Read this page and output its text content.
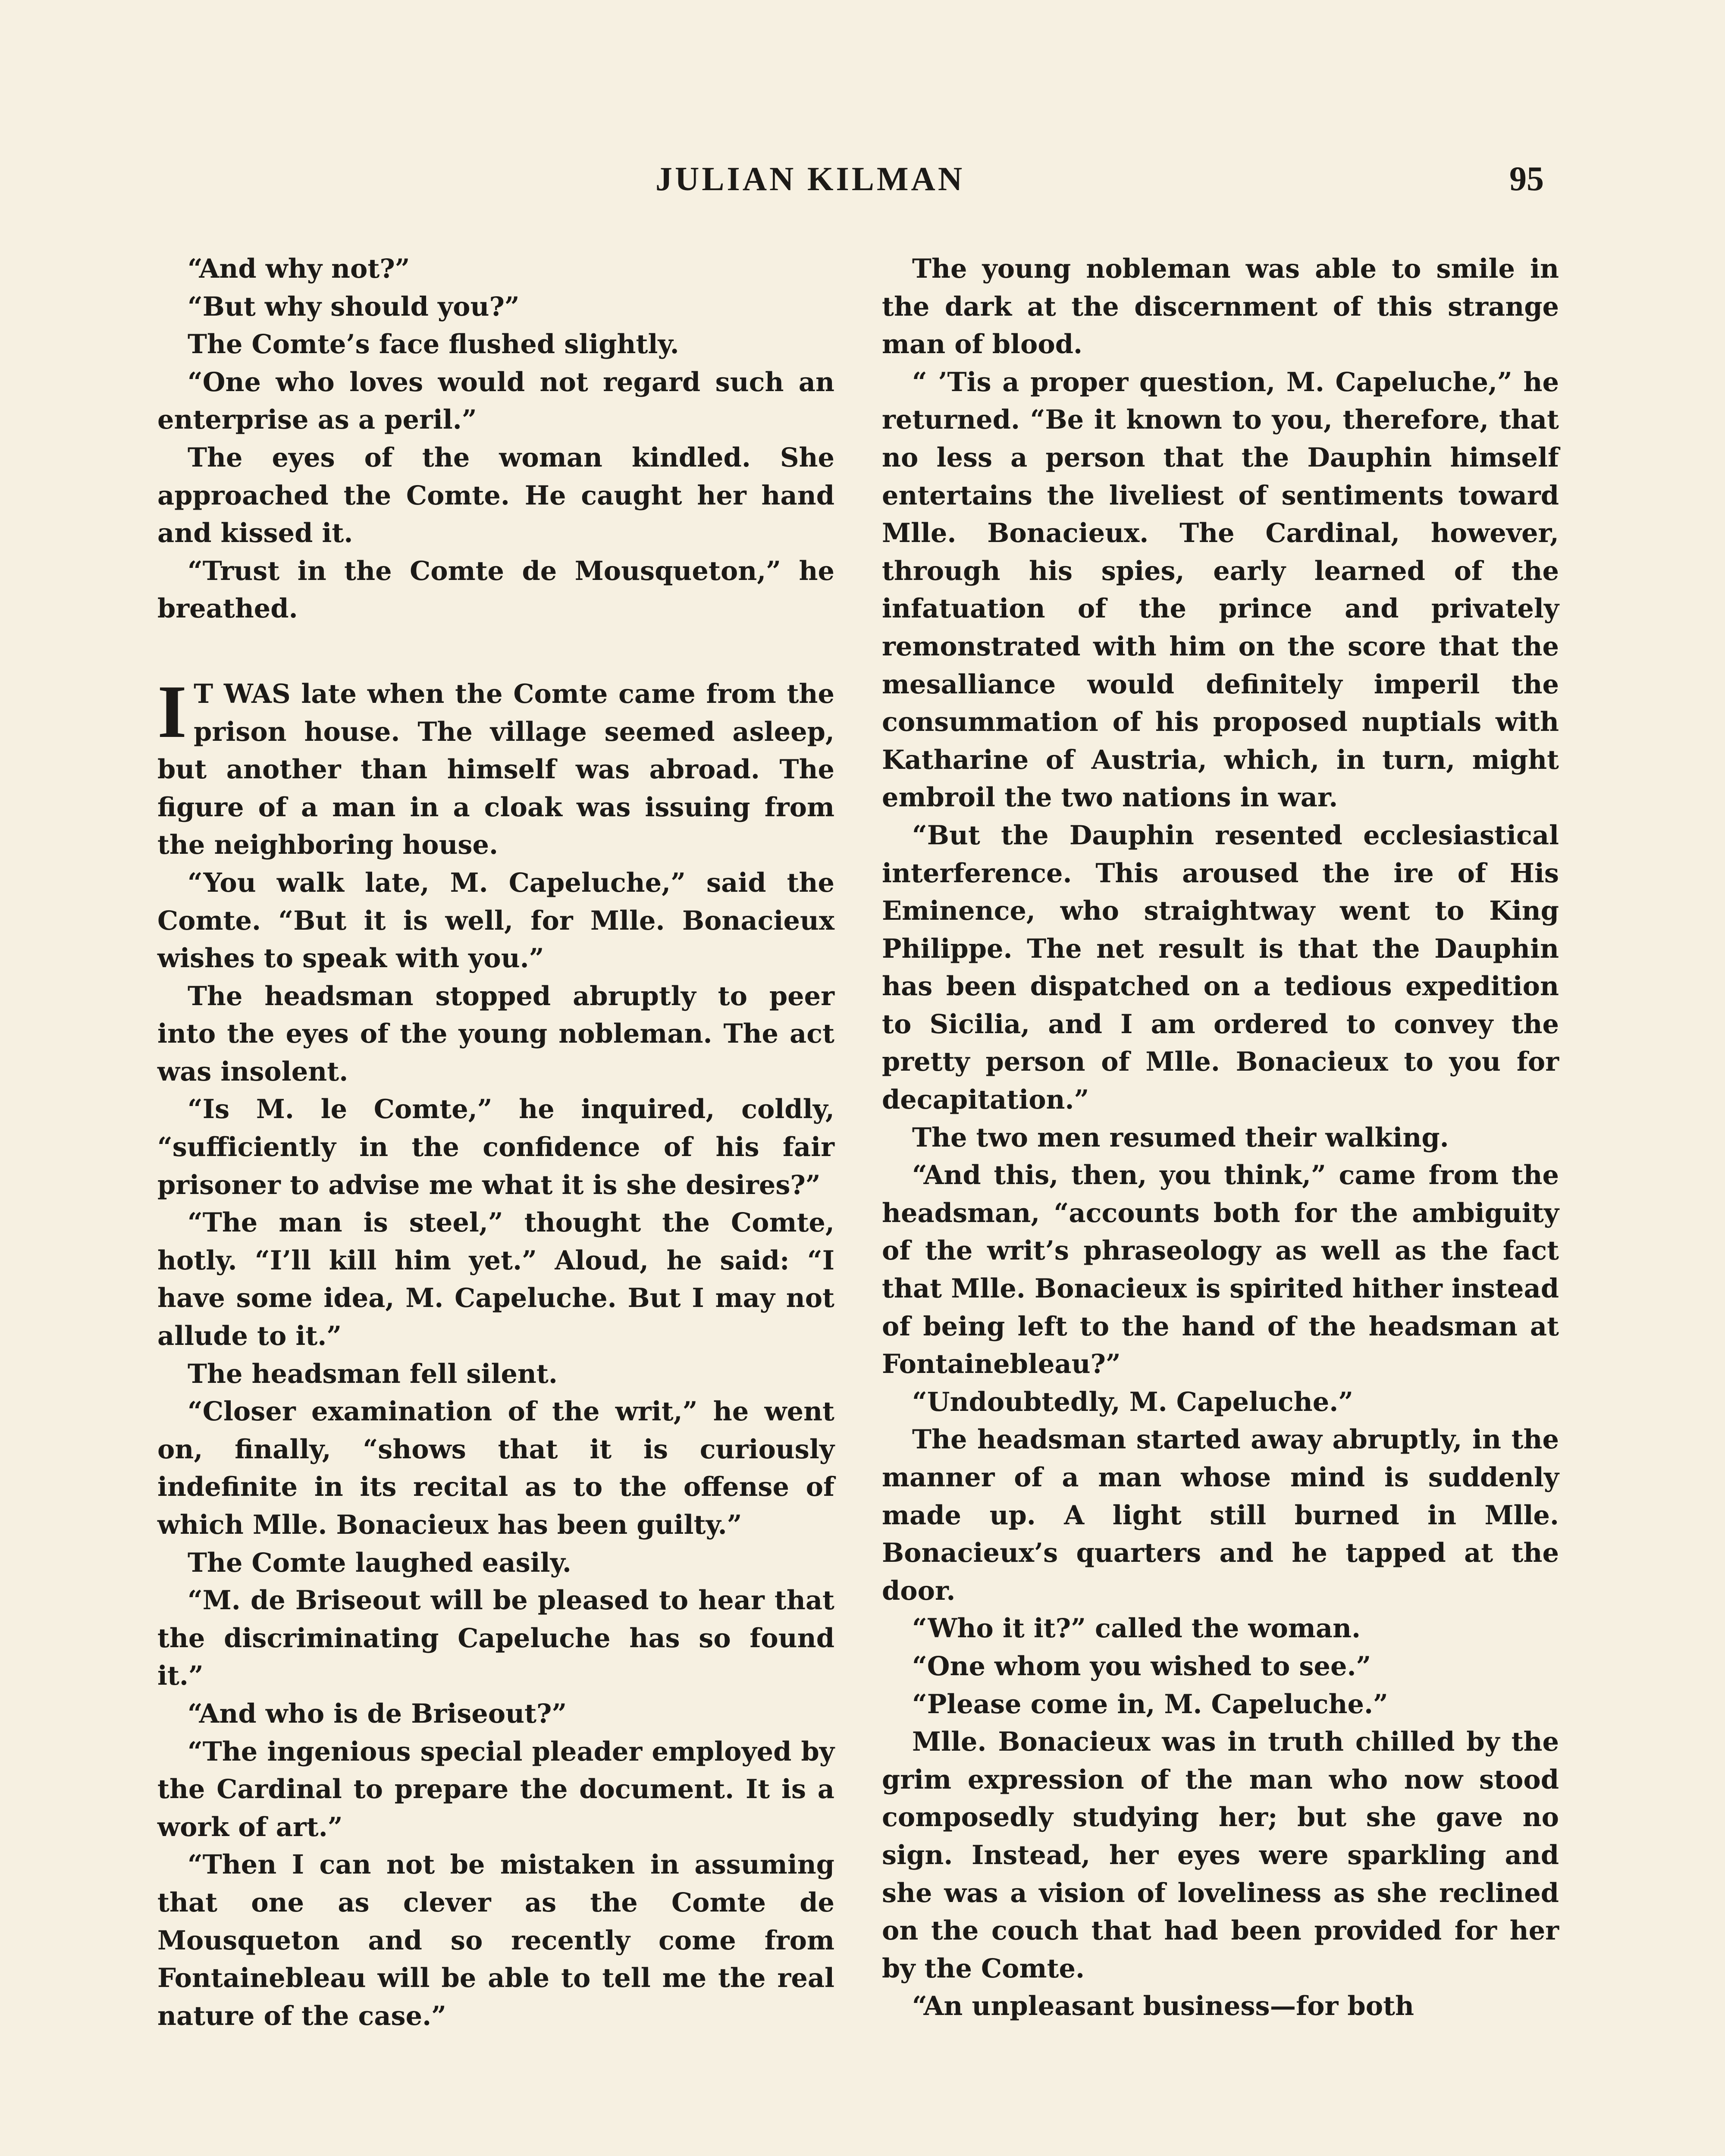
JULIAN KILMAN	95

“And why not?”

“But why should you?”

The Comte’s face flushed slightly.

“One who loves would not regard such an enterprise as a peril.”

The eyes of the woman kindled. She approached the Comte. He caught her hand and kissed it.

“Trust in the Comte de Mousqueton,” he breathed.

IT WAS late when the Comte came from the prison house. The village seemed asleep, but another than himself was abroad. The figure of a man in a cloak was issuing from the neighboring house.

“You walk late, M. Capeluche,” said the Comte. “But it is well, for Mlle. Bonacieux wishes to speak with you.”

The headsman stopped abruptly to peer into the eyes of the young nobleman. The act was insolent.

“Is M. le Comte,” he inquired, coldly, “sufficiently in the confidence of his fair prisoner to advise me what it is she desires?”

“The man is steel,” thought the Comte, hotly. “I’ll kill him yet.” Aloud, he said: “I have some idea, M. Capeluche. But I may not allude to it.”

The headsman fell silent.

“Closer examination of the writ,” he went on, finally, “shows that it is curiously indefinite in its recital as to the offense of which Mlle. Bonacieux has been guilty.”

The Comte laughed easily.

“M. de Briseout will be pleased to hear that the discriminating Capeluche has so found it.”

“And who is de Briseout?”

“The ingenious special pleader employed by the Cardinal to prepare the document. It is a work of art.”

“Then I can not be mistaken in assuming that one as clever as the Comte de Mousqueton and so recently come from Fontainebleau will be able to tell me the real nature of the case.”

The young nobleman was able to smile in the dark at the discernment of this strange man of blood.

“ ’Tis a proper question, M. Capeluche,” he returned. “Be it known to you, therefore, that no less a person that the Dauphin himself entertains the liveliest of sentiments toward Mlle. Bonacieux. The Cardinal, however, through his spies, early learned of the infatuation of the prince and privately remonstrated with him on the score that the mesalliance would definitely imperil the consummation of his proposed nuptials with Katharine of Austria, which, in turn, might embroil the two nations in war.

“But the Dauphin resented ecclesiastical interference. This aroused the ire of His Eminence, who straightway went to King Philippe. The net result is that the Dauphin has been dispatched on a tedious expedition to Sicilia, and I am ordered to convey the pretty person of Mlle. Bonacieux to you for decapitation.”

The two men resumed their walking.

“And this, then, you think,” came from the headsman, “accounts both for the ambiguity of the writ’s phraseology as well as the fact that Mlle. Bonacieux is spirited hither instead of being left to the hand of the headsman at Fontainebleau?”

“Undoubtedly, M. Capeluche.”

The headsman started away abruptly, in the manner of a man whose mind is suddenly made up. A light still burned in Mlle. Bonacieux’s quarters and he tapped at the door.

“Who it it?” called the woman.

“One whom you wished to see.”

“Please come in, M. Capeluche.”

Mlle. Bonacieux was in truth chilled by the grim expression of the man who now stood composedly studying her; but she gave no sign. Instead, her eyes were sparkling and she was a vision of loveliness as she reclined on the couch that had been provided for her by the Comte.

“An unpleasant business—for both
